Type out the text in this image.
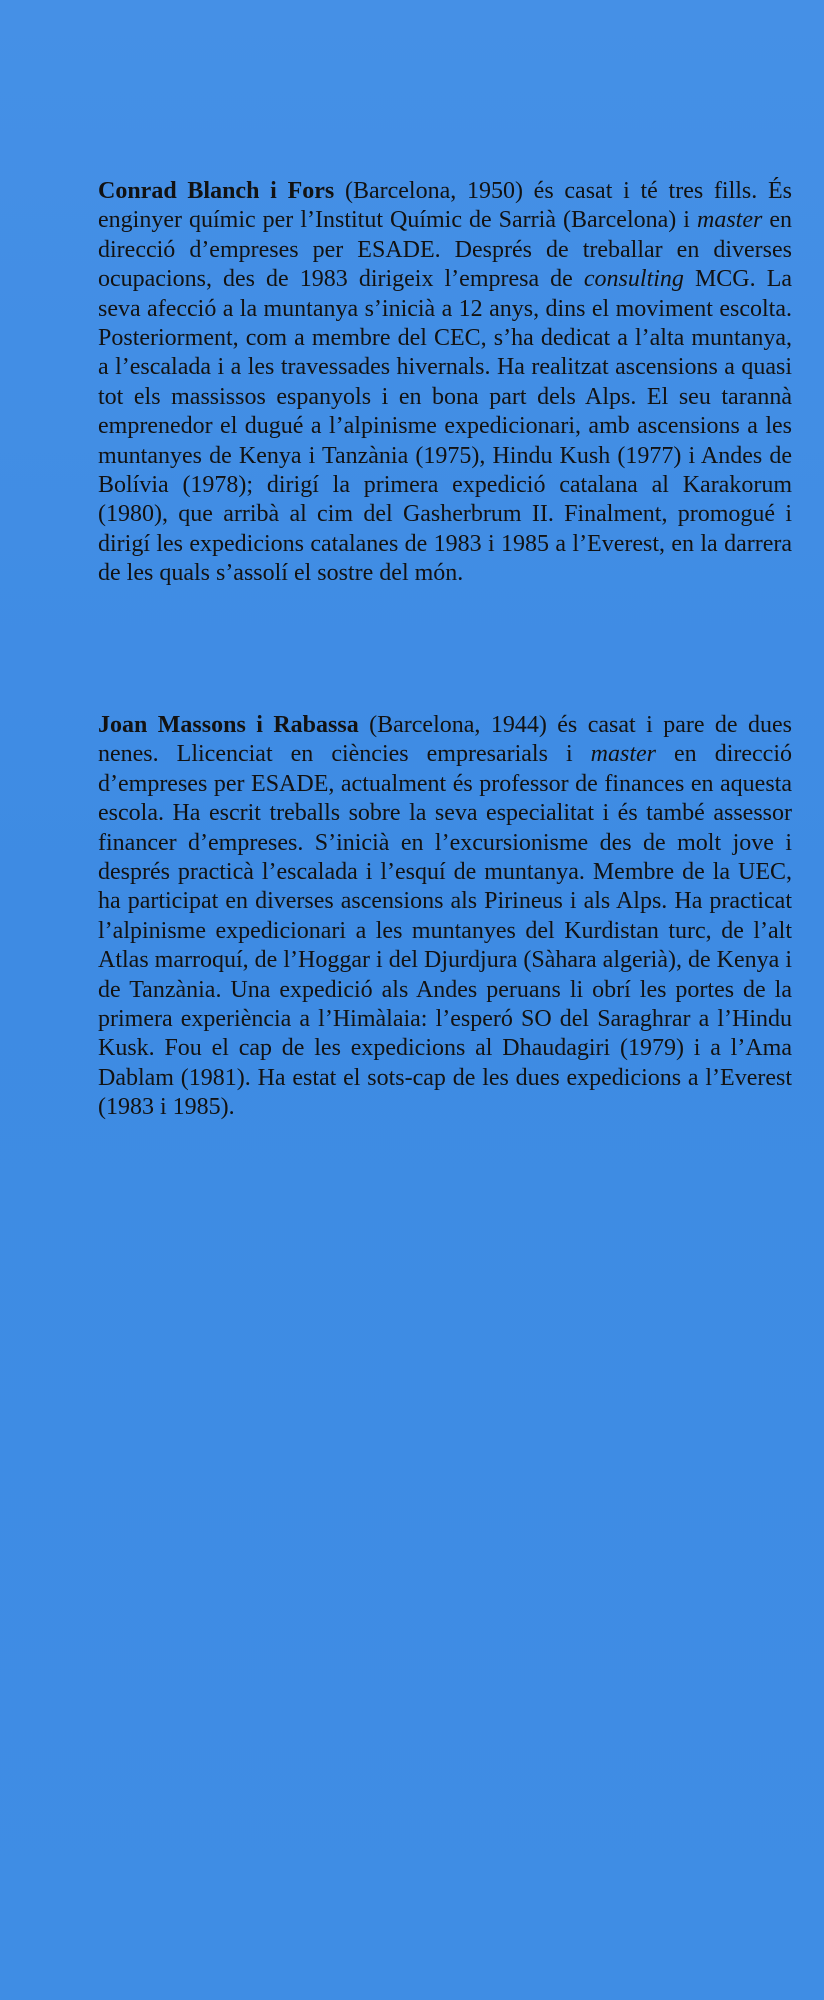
Conrad Blanch i Fors (Barcelona, 1950) és casat i té tres fills. És enginyer químic per l’Institut Químic de Sarrià (Barcelona) i master en direcció d’empreses per ESADE. Després de treballar en diverses ocupacions, des de 1983 dirigeix l’empresa de consulting MCG. La seva afecció a la muntanya s’inicià a 12 anys, dins el moviment escolta. Posteriorment, com a membre del CEC, s’ha dedicat a l’alta muntanya, a l’escalada i a les travessades hivernals. Ha realitzat ascensions a quasi tot els massissos espanyols i en bona part dels Alps. El seu tarannà emprenedor el dugué a l’alpinisme expedicionari, amb ascensions a les muntanyes de Kenya i Tanzània (1975), Hindu Kush (1977) i Andes de Bolívia (1978); dirigí la primera expedició catalana al Karakorum (1980), que arribà al cim del Gasherbrum II. Finalment, promogué i dirigí les expedicions catalanes de 1983 i 1985 a l’Everest, en la darrera de les quals s’assolí el sostre del món.

Joan Massons i Rabassa (Barcelona, 1944) és casat i pare de dues nenes. Llicenciat en ciències empresarials i master en direcció d’empreses per ESADE, actualment és professor de finances en aquesta escola. Ha escrit treballs sobre la seva especialitat i és també assessor financer d’empreses. S’inicià en l’excursionisme des de molt jove i després practicà l’escalada i l’esquí de muntanya. Membre de la UEC, ha participat en diverses ascensions als Pirineus i als Alps. Ha practicat l’alpinisme expedicionari a les muntanyes del Kurdistan turc, de l’alt Atlas marroquí, de l’Hoggar i del Djurdjura (Sàhara algerià), de Kenya i de Tanzània. Una expedició als Andes peruans li obrí les portes de la primera experiència a l’Himàlaia: l’esperó SO del Saraghrar a l’Hindu Kusk. Fou el cap de les expedicions al Dhaudagiri (1979) i a l’Ama Dablam (1981). Ha estat el sots-cap de les dues expedicions a l’Everest (1983 i 1985).
